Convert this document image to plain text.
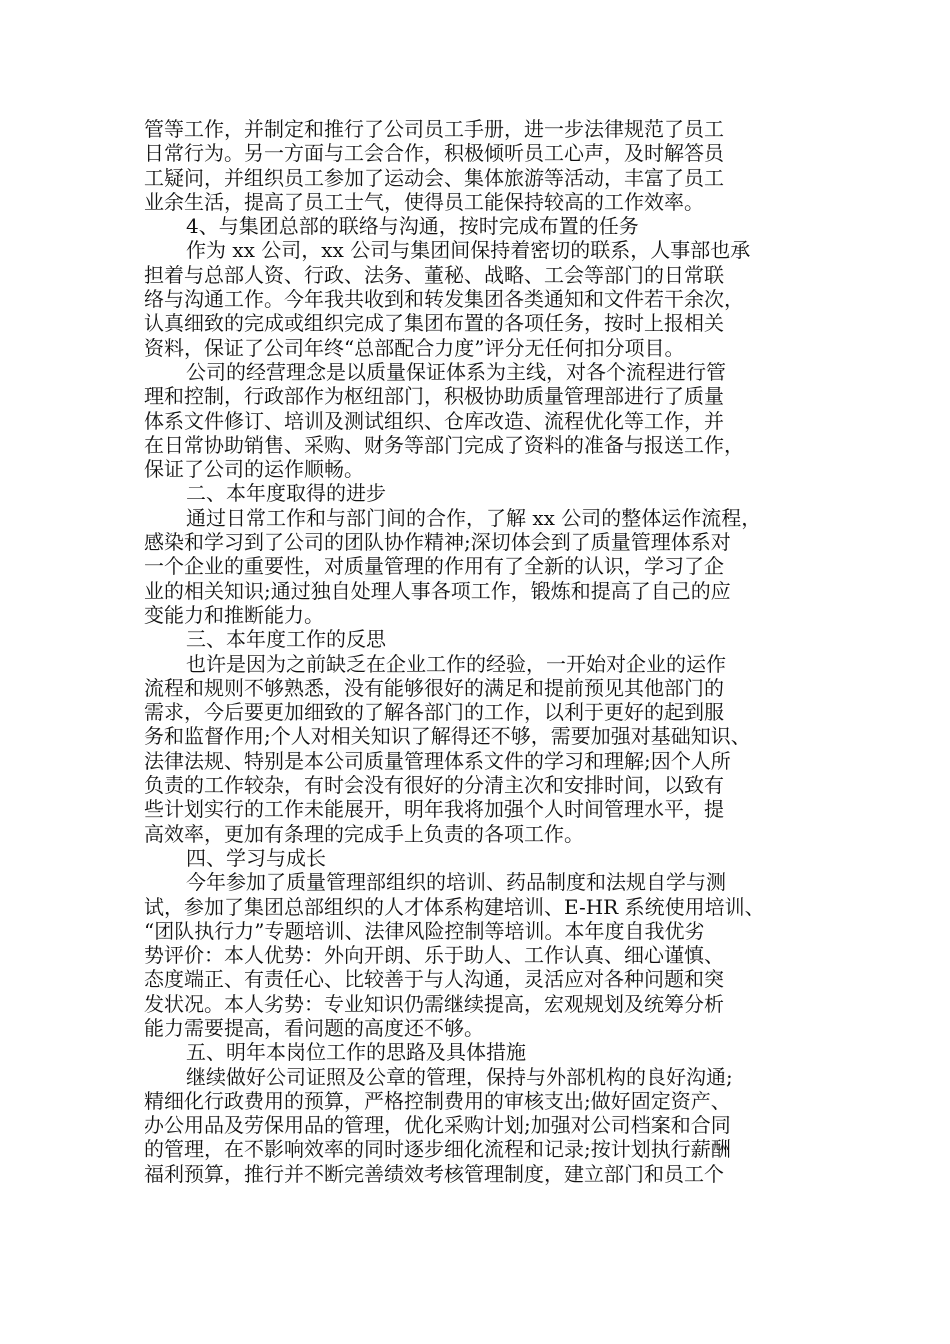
管等工作，并制定和推行了公司员工手册，进一步法律规范了员工

日常行为。另一方面与工会合作，积极倾听员工心声，及时解答员

工疑问，并组织员工参加了运动会、集体旅游等活动，丰富了员工

业余生活，提高了员工士气，使得员工能保持较高的工作效率。

4、与集团总部的联络与沟通，按时完成布置的任务

作为 xx 公司，xx 公司与集团间保持着密切的联系，人事部也承

担着与总部人资、行政、法务、董秘、战略、工会等部门的日常联

络与沟通工作。今年我共收到和转发集团各类通知和文件若干余次，

认真细致的完成或组织完成了集团布置的各项任务，按时上报相关

资料，保证了公司年终“总部配合力度”评分无任何扣分项目。

公司的经营理念是以质量保证体系为主线，对各个流程进行管

理和控制，行政部作为枢纽部门，积极协助质量管理部进行了质量

体系文件修订、培训及测试组织、仓库改造、流程优化等工作，并

在日常协助销售、采购、财务等部门完成了资料的准备与报送工作，

保证了公司的运作顺畅。

二、本年度取得的进步

通过日常工作和与部门间的合作，了解 xx 公司的整体运作流程，

感染和学习到了公司的团队协作精神;深切体会到了质量管理体系对

一个企业的重要性，对质量管理的作用有了全新的认识，学习了企

业的相关知识;通过独自处理人事各项工作，锻炼和提高了自己的应

变能力和推断能力。

三、本年度工作的反思

也许是因为之前缺乏在企业工作的经验，一开始对企业的运作

流程和规则不够熟悉，没有能够很好的满足和提前预见其他部门的

需求，今后要更加细致的了解各部门的工作，以利于更好的起到服

务和监督作用;个人对相关知识了解得还不够，需要加强对基础知识、

法律法规、特别是本公司质量管理体系文件的学习和理解;因个人所

负责的工作较杂，有时会没有很好的分清主次和安排时间，以致有

些计划实行的工作未能展开，明年我将加强个人时间管理水平，提

高效率，更加有条理的完成手上负责的各项工作。

四、学习与成长

今年参加了质量管理部组织的培训、药品制度和法规自学与测

试，参加了集团总部组织的人才体系构建培训、E-HR 系统使用培训、

“团队执行力”专题培训、法律风险控制等培训。本年度自我优劣

势评价：本人优势：外向开朗、乐于助人、工作认真、细心谨慎、

态度端正、有责任心、比较善于与人沟通，灵活应对各种问题和突

发状况。本人劣势：专业知识仍需继续提高，宏观规划及统筹分析

能力需要提高，看问题的高度还不够。

五、明年本岗位工作的思路及具体措施

继续做好公司证照及公章的管理，保持与外部机构的良好沟通;

精细化行政费用的预算，严格控制费用的审核支出;做好固定资产、

办公用品及劳保用品的管理，优化采购计划;加强对公司档案和合同

的管理，在不影响效率的同时逐步细化流程和记录;按计划执行薪酬

福利预算，推行并不断完善绩效考核管理制度，建立部门和员工个
